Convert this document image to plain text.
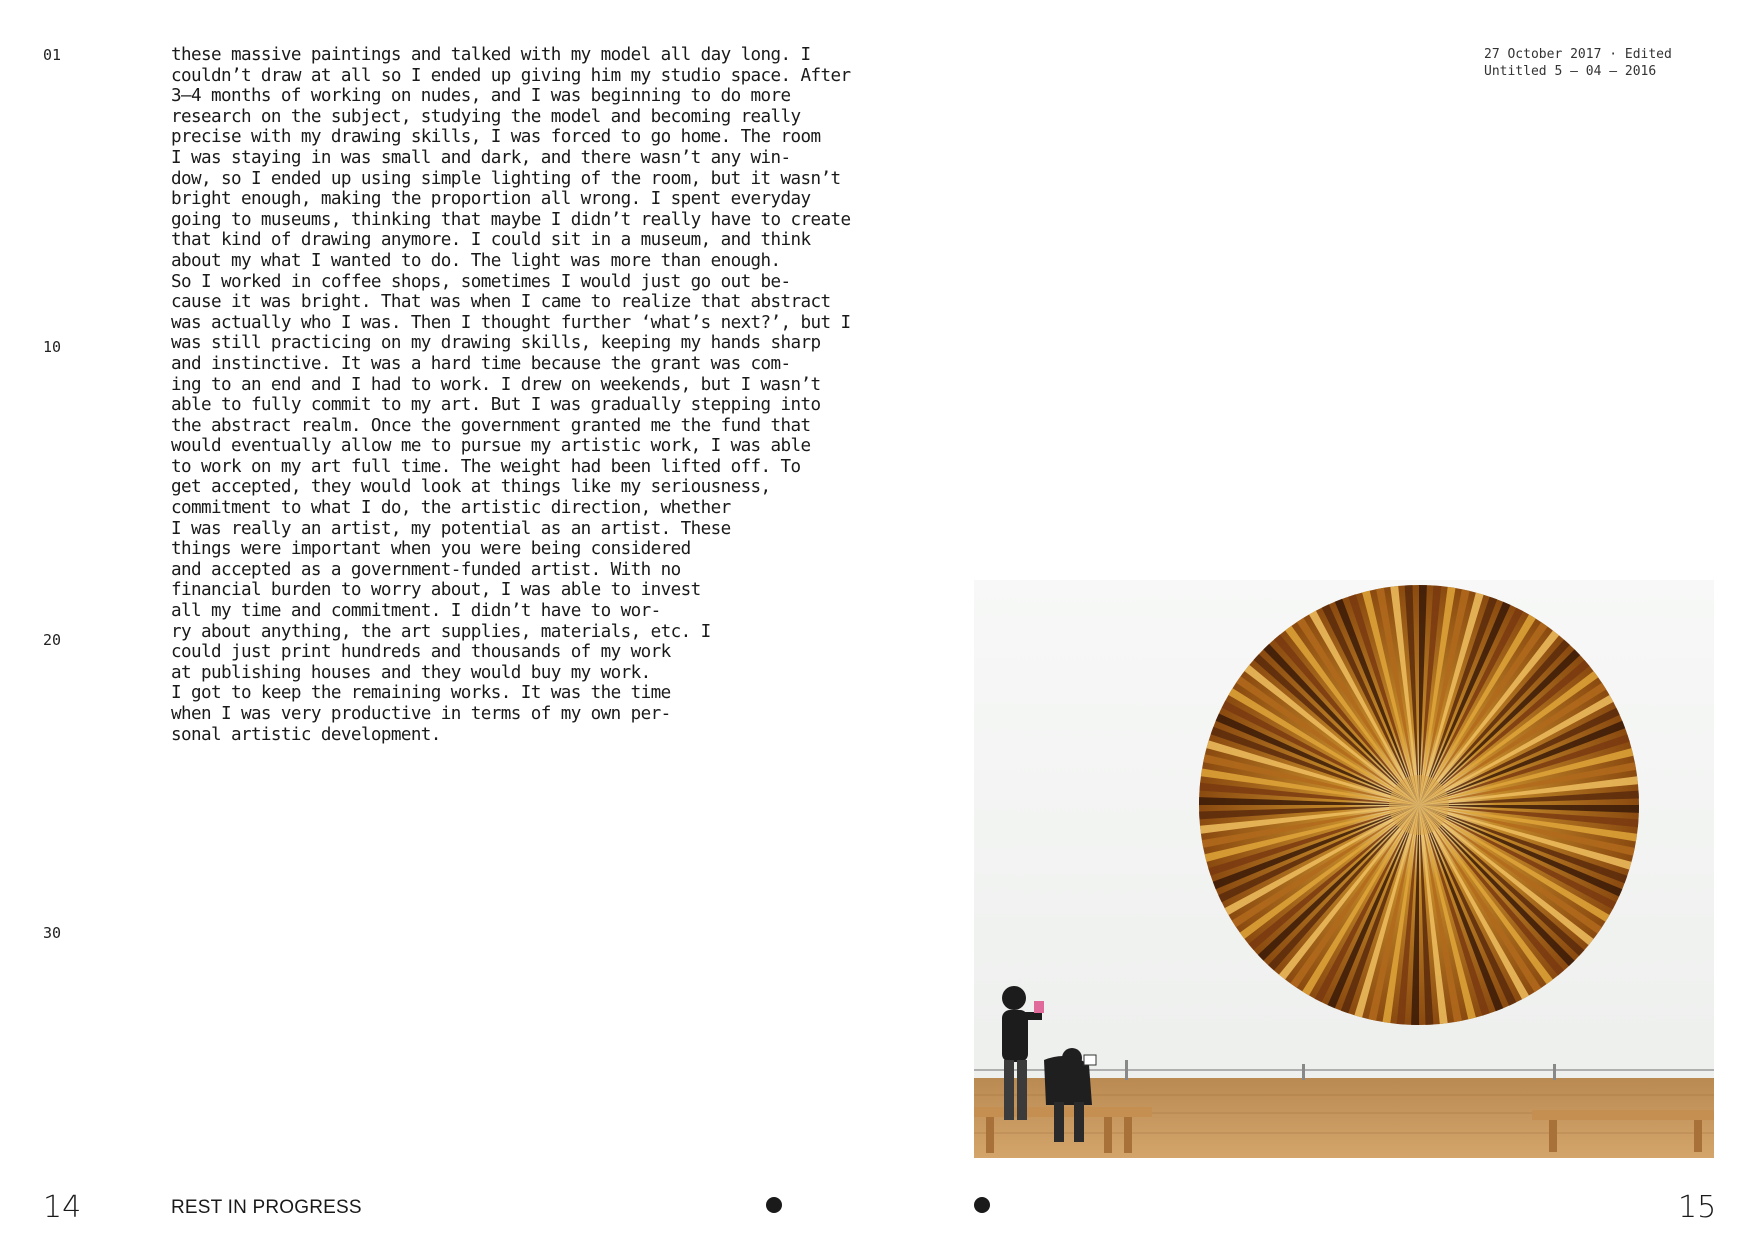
01
10
20
30
these massive paintings and talked with my model all day long. I
couldn’t draw at all so I ended up giving him my studio space. After
3–4 months of working on nudes, and I was beginning to do more
research on the subject, studying the model and becoming really
precise with my drawing skills, I was forced to go home. The room
I was staying in was small and dark, and there wasn’t any win-
dow, so I ended up using simple lighting of the room, but it wasn’t
bright enough, making the proportion all wrong. I spent everyday
going to museums, thinking that maybe I didn’t really have to create
that kind of drawing anymore. I could sit in a museum, and think
about my what I wanted to do. The light was more than enough.
So I worked in coffee shops, sometimes I would just go out be-
cause it was bright. That was when I came to realize that abstract
was actually who I was. Then I thought further ‘what’s next?’, but I
was still practicing on my drawing skills, keeping my hands sharp
and instinctive. It was a hard time because the grant was com-
ing to an end and I had to work. I drew on weekends, but I wasn’t
able to fully commit to my art. But I was gradually stepping into
the abstract realm. Once the government granted me the fund that
would eventually allow me to pursue my artistic work, I was able
to work on my art full time. The weight had been lifted off. To
get accepted, they would look at things like my seriousness,
commitment to what I do, the artistic direction, whether
I was really an artist, my potential as an artist. These
things were important when you were being considered
and accepted as a government-funded artist. With no
financial burden to worry about, I was able to invest
all my time and commitment. I didn’t have to wor-
ry about anything, the art supplies, materials, etc. I
could just print hundreds and thousands of my work
at publishing houses and they would buy my work.
I got to keep the remaining works. It was the time
when I was very productive in terms of my own per-
sonal artistic development.
27 October 2017 · Edited
Untitled 5 – 04 – 2016
14	REST IN PROGRESS	15
